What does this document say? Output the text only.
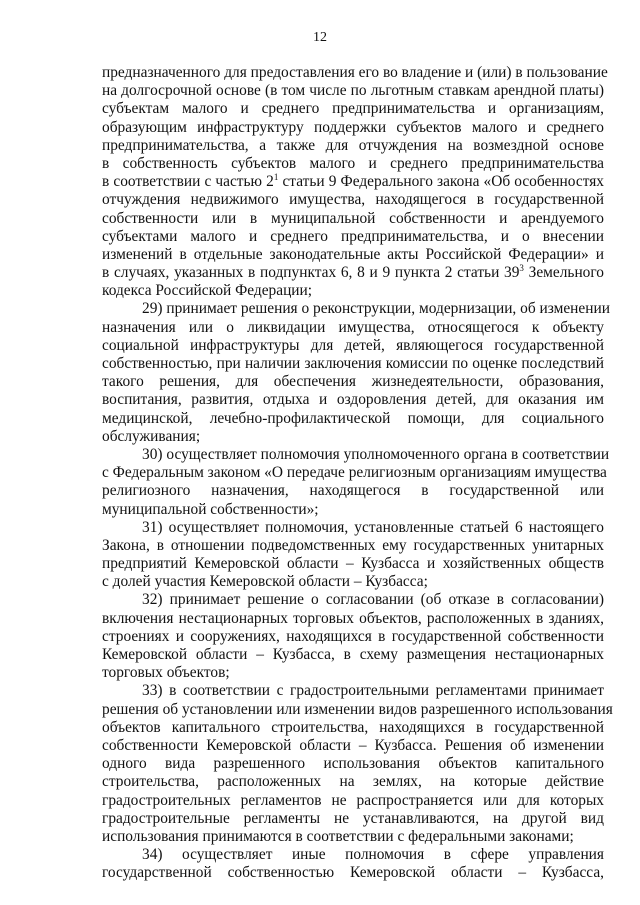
12
предназначенного для предоставления его во владение и (или) в пользование
на долгосрочной основе (в том числе по льготным ставкам арендной платы)
субъектам малого и среднего предпринимательства и организациям,
образующим инфраструктуру поддержки субъектов малого и среднего
предпринимательства, а также для отчуждения на возмездной основе
в собственность субъектов малого и среднего предпринимательства
в соответствии с частью $2^1$ статьи 9 Федерального закона «Об особенностях
отчуждения недвижимого имущества, находящегося в государственной
собственности или в муниципальной собственности и арендуемого
субъектами малого и среднего предпринимательства, и о внесении
изменений в отдельные законодательные акты Российской Федерации» и
в случаях, указанных в подпунктах 6, 8 и 9 пункта 2 статьи $39^3$ Земельного
кодекса Российской Федерации;
29) принимает решения о реконструкции, модернизации, об изменении
назначения или о ликвидации имущества, относящегося к объекту
социальной инфраструктуры для детей, являющегося государственной
собственностью, при наличии заключения комиссии по оценке последствий
такого решения, для обеспечения жизнедеятельности, образования,
воспитания, развития, отдыха и оздоровления детей, для оказания им
медицинской, лечебно-профилактической помощи, для социального
обслуживания;
30) осуществляет полномочия уполномоченного органа в соответствии
с Федеральным законом «О передаче религиозным организациям имущества
религиозного назначения, находящегося в государственной или
муниципальной собственности»;
31) осуществляет полномочия, установленные статьей 6 настоящего
Закона, в отношении подведомственных ему государственных унитарных
предприятий Кемеровской области – Кузбасса и хозяйственных обществ
с долей участия Кемеровской области – Кузбасса;
32) принимает решение о согласовании (об отказе в согласовании)
включения нестационарных торговых объектов, расположенных в зданиях,
строениях и сооружениях, находящихся в государственной собственности
Кемеровской области – Кузбасса, в схему размещения нестационарных
торговых объектов;
33) в соответствии с градостроительными регламентами принимает
решения об установлении или изменении видов разрешенного использования
объектов капитального строительства, находящихся в государственной
собственности Кемеровской области – Кузбасса. Решения об изменении
одного вида разрешенного использования объектов капитального
строительства, расположенных на землях, на которые действие
градостроительных регламентов не распространяется или для которых
градостроительные регламенты не устанавливаются, на другой вид
использования принимаются в соответствии с федеральными законами;
34) осуществляет иные полномочия в сфере управления
государственной собственностью Кемеровской области – Кузбасса,
